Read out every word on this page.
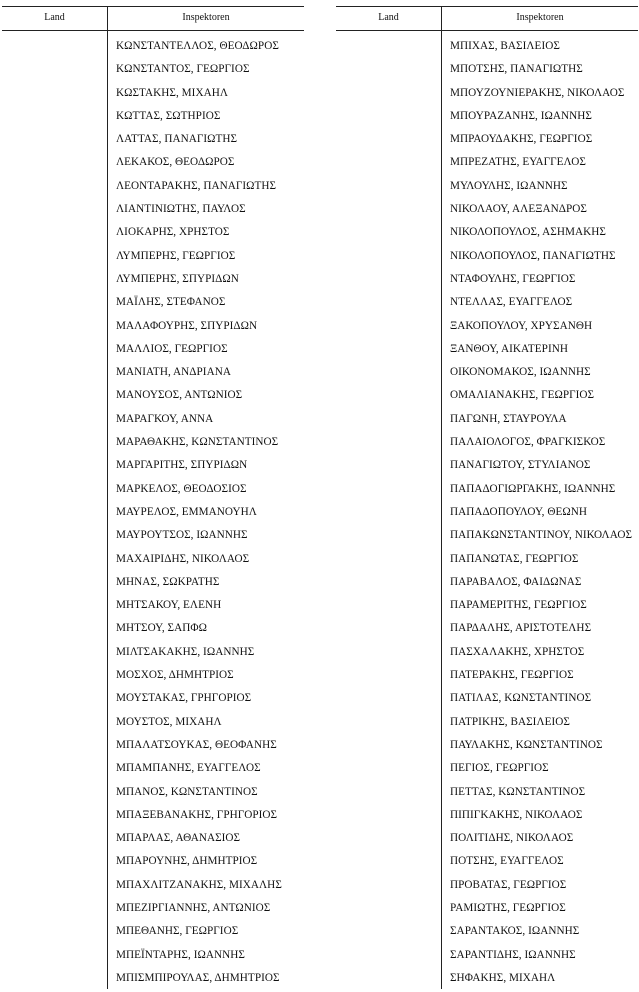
Land	Inspektoren
ΚΩΝΣΤΑΝΤΕΛΛΟΣ, ΘΕΟΔΩΡΟΣ
ΚΩΝΣΤΑΝΤΟΣ, ΓΕΩΡΓΙΟΣ
ΚΩΣΤΑΚΗΣ, ΜΙΧΑΗΛ
ΚΩΤΤΑΣ, ΣΩΤΗΡΙΟΣ
ΛΑΤΤΑΣ, ΠΑΝΑΓΙΩΤΗΣ
ΛΕΚΑΚΟΣ, ΘΕΟΔΩΡΟΣ
ΛΕΟΝΤΑΡΑΚΗΣ, ΠΑΝΑΓΙΩΤΗΣ
ΛΙΑΝΤΙΝΙΩΤΗΣ, ΠΑΥΛΟΣ
ΛΙΟΚΑΡΗΣ, ΧΡΗΣΤΟΣ
ΛΥΜΠΕΡΗΣ, ΓΕΩΡΓΙΟΣ
ΛΥΜΠΕΡΗΣ, ΣΠΥΡΙΔΩΝ
ΜΑΪΛΗΣ, ΣΤΕΦΑΝΟΣ
ΜΑΛΑΦΟΥΡΗΣ, ΣΠΥΡΙΔΩΝ
ΜΑΛΛΙΟΣ, ΓΕΩΡΓΙΟΣ
ΜΑΝΙΑΤΗ, ΑΝΔΡΙΑΝΑ
ΜΑΝΟΥΣΟΣ, ΑΝΤΩΝΙΟΣ
ΜΑΡΑΓΚΟΥ, ΑΝΝΑ
ΜΑΡΑΘΑΚΗΣ, ΚΩΝΣΤΑΝΤΙΝΟΣ
ΜΑΡΓΑΡΙΤΗΣ, ΣΠΥΡΙΔΩΝ
ΜΑΡΚΕΛΟΣ, ΘΕΟΔΟΣΙΟΣ
ΜΑΥΡΕΛΟΣ, ΕΜΜΑΝΟΥΗΛ
ΜΑΥΡΟΥΤΣΟΣ, ΙΩΑΝΝΗΣ
ΜΑΧΑΙΡΙΔΗΣ, ΝΙΚΟΛΑΟΣ
ΜΗΝΑΣ, ΣΩΚΡΑΤΗΣ
ΜΗΤΣΑΚΟΥ, ΕΛΕΝΗ
ΜΗΤΣΟΥ, ΣΑΠΦΩ
ΜΙΛΤΣΑΚΑΚΗΣ, ΙΩΑΝΝΗΣ
ΜΟΣΧΟΣ, ΔΗΜΗΤΡΙΟΣ
ΜΟΥΣΤΑΚΑΣ, ΓΡΗΓΟΡΙΟΣ
ΜΟΥΣΤΟΣ, ΜΙΧΑΗΛ
ΜΠΑΛΑΤΣΟΥΚΑΣ, ΘΕΟΦΑΝΗΣ
ΜΠΑΜΠΑΝΗΣ, ΕΥΑΓΓΕΛΟΣ
ΜΠΑΝΟΣ, ΚΩΝΣΤΑΝΤΙΝΟΣ
ΜΠΑΞΕΒΑΝΑΚΗΣ, ΓΡΗΓΟΡΙΟΣ
ΜΠΑΡΛΑΣ, ΑΘΑΝΑΣΙΟΣ
ΜΠΑΡΟΥΝΗΣ, ΔΗΜΗΤΡΙΟΣ
ΜΠΑΧΛΙΤΖΑΝΑΚΗΣ, ΜΙΧΑΛΗΣ
ΜΠΕΖΙΡΓΙΑΝΝΗΣ, ΑΝΤΩΝΙΟΣ
ΜΠΕΘΑΝΗΣ, ΓΕΩΡΓΙΟΣ
ΜΠΕΪΝΤΑΡΗΣ, ΙΩΑΝΝΗΣ
ΜΠΙΣΜΠΙΡΟΥΛΑΣ, ΔΗΜΗΤΡΙΟΣ
Land	Inspektoren
ΜΠΙΧΑΣ, ΒΑΣΙΛΕΙΟΣ
ΜΠΟΤΣΗΣ, ΠΑΝΑΓΙΩΤΗΣ
ΜΠΟΥΖΟΥΝΙΕΡΑΚΗΣ, ΝΙΚΟΛΑΟΣ
ΜΠΟΥΡΑΖΑΝΗΣ, ΙΩΑΝΝΗΣ
ΜΠΡΑΟΥΔΑΚΗΣ, ΓΕΩΡΓΙΟΣ
ΜΠΡΕΖΑΤΗΣ, ΕΥΑΓΓΕΛΟΣ
ΜΥΛΟΥΛΗΣ, ΙΩΑΝΝΗΣ
ΝΙΚΟΛΑΟΥ, ΑΛΕΞΑΝΔΡΟΣ
ΝΙΚΟΛΟΠΟΥΛΟΣ, ΑΣΗΜΑΚΗΣ
ΝΙΚΟΛΟΠΟΥΛΟΣ, ΠΑΝΑΓΙΩΤΗΣ
ΝΤΑΦΟΥΛΗΣ, ΓΕΩΡΓΙΟΣ
ΝΤΕΛΛΑΣ, ΕΥΑΓΓΕΛΟΣ
ΞΑΚΟΠΟΥΛΟΥ, ΧΡΥΣΑΝΘΗ
ΞΑΝΘΟΥ, ΑΙΚΑΤΕΡΙΝΗ
ΟΙΚΟΝΟΜΑΚΟΣ, ΙΩΑΝΝΗΣ
ΟΜΑΛΙΑΝΑΚΗΣ, ΓΕΩΡΓΙΟΣ
ΠΑΓΩΝΗ, ΣΤΑΥΡΟΥΛΑ
ΠΑΛΑΙΟΛΟΓΟΣ, ΦΡΑΓΚΙΣΚΟΣ
ΠΑΝΑΓΙΩΤΟΥ, ΣΤΥΛΙΑΝΟΣ
ΠΑΠΑΔΟΓΙΩΡΓΑΚΗΣ, ΙΩΑΝΝΗΣ
ΠΑΠΑΔΟΠΟΥΛΟΥ, ΘΕΩΝΗ
ΠΑΠΑΚΩΝΣΤΑΝΤΙΝΟΥ, ΝΙΚΟΛΑΟΣ
ΠΑΠΑΝΩΤΑΣ, ΓΕΩΡΓΙΟΣ
ΠΑΡΑΒΑΛΟΣ, ΦΑΙΔΩΝΑΣ
ΠΑΡΑΜΕΡΙΤΗΣ, ΓΕΩΡΓΙΟΣ
ΠΑΡΔΑΛΗΣ, ΑΡΙΣΤΟΤΕΛΗΣ
ΠΑΣΧΑΛΑΚΗΣ, ΧΡΗΣΤΟΣ
ΠΑΤΕΡΑΚΗΣ, ΓΕΩΡΓΙΟΣ
ΠΑΤΙΛΑΣ, ΚΩΝΣΤΑΝΤΙΝΟΣ
ΠΑΤΡΙΚΗΣ, ΒΑΣΙΛΕΙΟΣ
ΠΑΥΛΑΚΗΣ, ΚΩΝΣΤΑΝΤΙΝΟΣ
ΠΕΓΙΟΣ, ΓΕΩΡΓΙΟΣ
ΠΕΤΤΑΣ, ΚΩΝΣΤΑΝΤΙΝΟΣ
ΠΙΠΙΓΚΑΚΗΣ, ΝΙΚΟΛΑΟΣ
ΠΟΛΙΤΙΔΗΣ, ΝΙΚΟΛΑΟΣ
ΠΟΤΣΗΣ, ΕΥΑΓΓΕΛΟΣ
ΠΡΟΒΑΤΑΣ, ΓΕΩΡΓΙΟΣ
ΡΑΜΙΩΤΗΣ, ΓΕΩΡΓΙΟΣ
ΣΑΡΑΝΤΑΚΟΣ, ΙΩΑΝΝΗΣ
ΣΑΡΑΝΤΙΔΗΣ, ΙΩΑΝΝΗΣ
ΣΗΦΑΚΗΣ, ΜΙΧΑΗΛ
